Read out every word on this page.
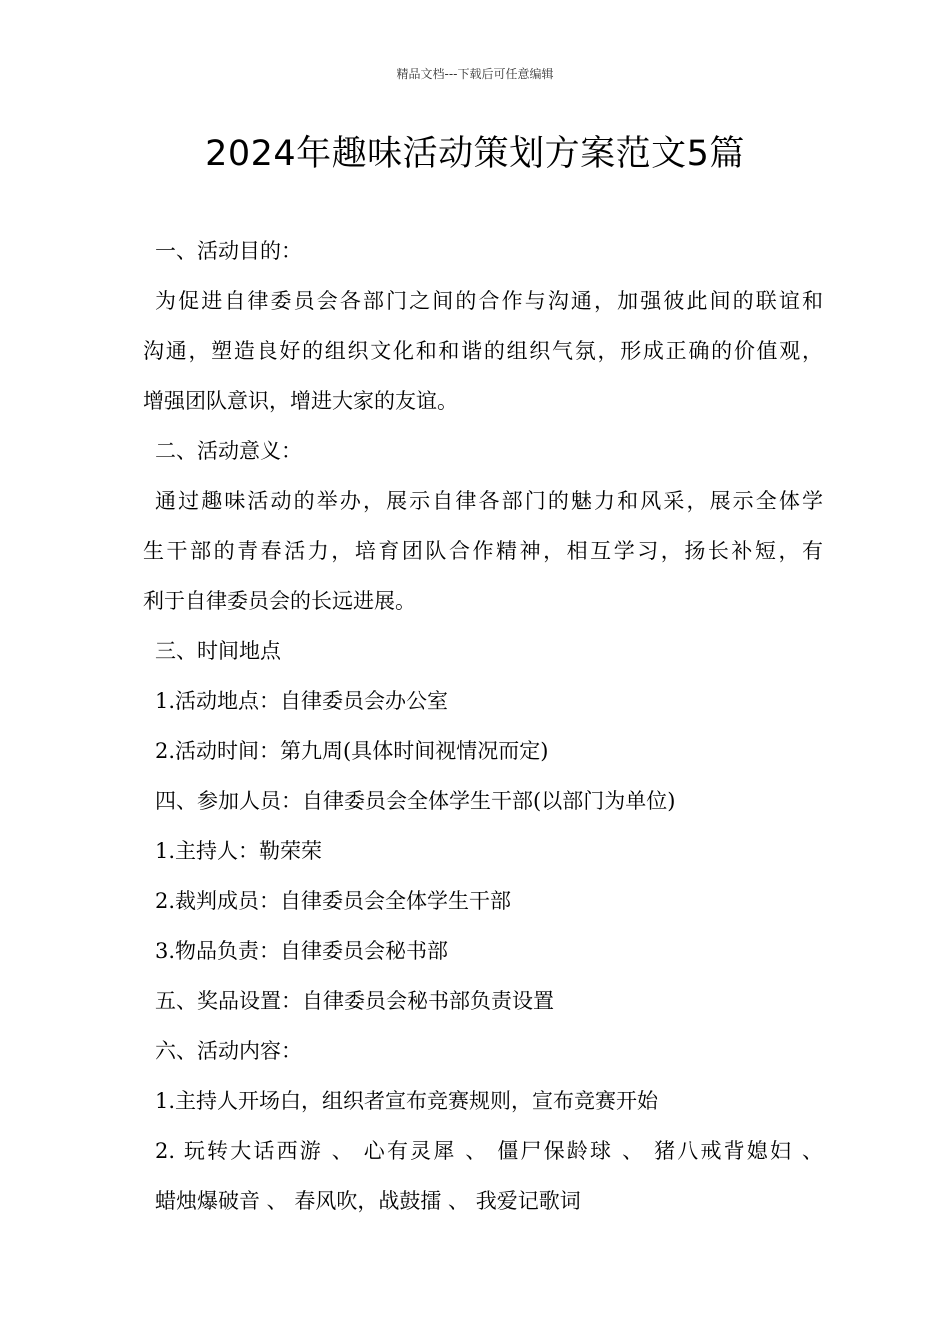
精品文档---下载后可任意编辑
2024年趣味活动策划方案范文5篇
一、活动目的：
为促进自律委员会各部门之间的合作与沟通，加强彼此间的联谊和
沟通，塑造良好的组织文化和和谐的组织气氛，形成正确的价值观，
增强团队意识，增进大家的友谊。
二、活动意义：
通过趣味活动的举办，展示自律各部门的魅力和风采，展示全体学
生干部的青春活力，培育团队合作精神，相互学习，扬长补短，有
利于自律委员会的长远进展。
三、时间地点
1.活动地点：自律委员会办公室
2.活动时间：第九周(具体时间视情况而定)
四、参加人员：自律委员会全体学生干部(以部门为单位)
1.主持人：勒荣荣
2.裁判成员：自律委员会全体学生干部
3.物品负责：自律委员会秘书部
五、奖品设置：自律委员会秘书部负责设置
六、活动内容：
1.主持人开场白，组织者宣布竞赛规则，宣布竞赛开始
2. 玩转大话西游 、 心有灵犀 、 僵尸保龄球 、 猪八戒背媳妇 、
蜡烛爆破音 、 春风吹，战鼓擂 、 我爱记歌词
